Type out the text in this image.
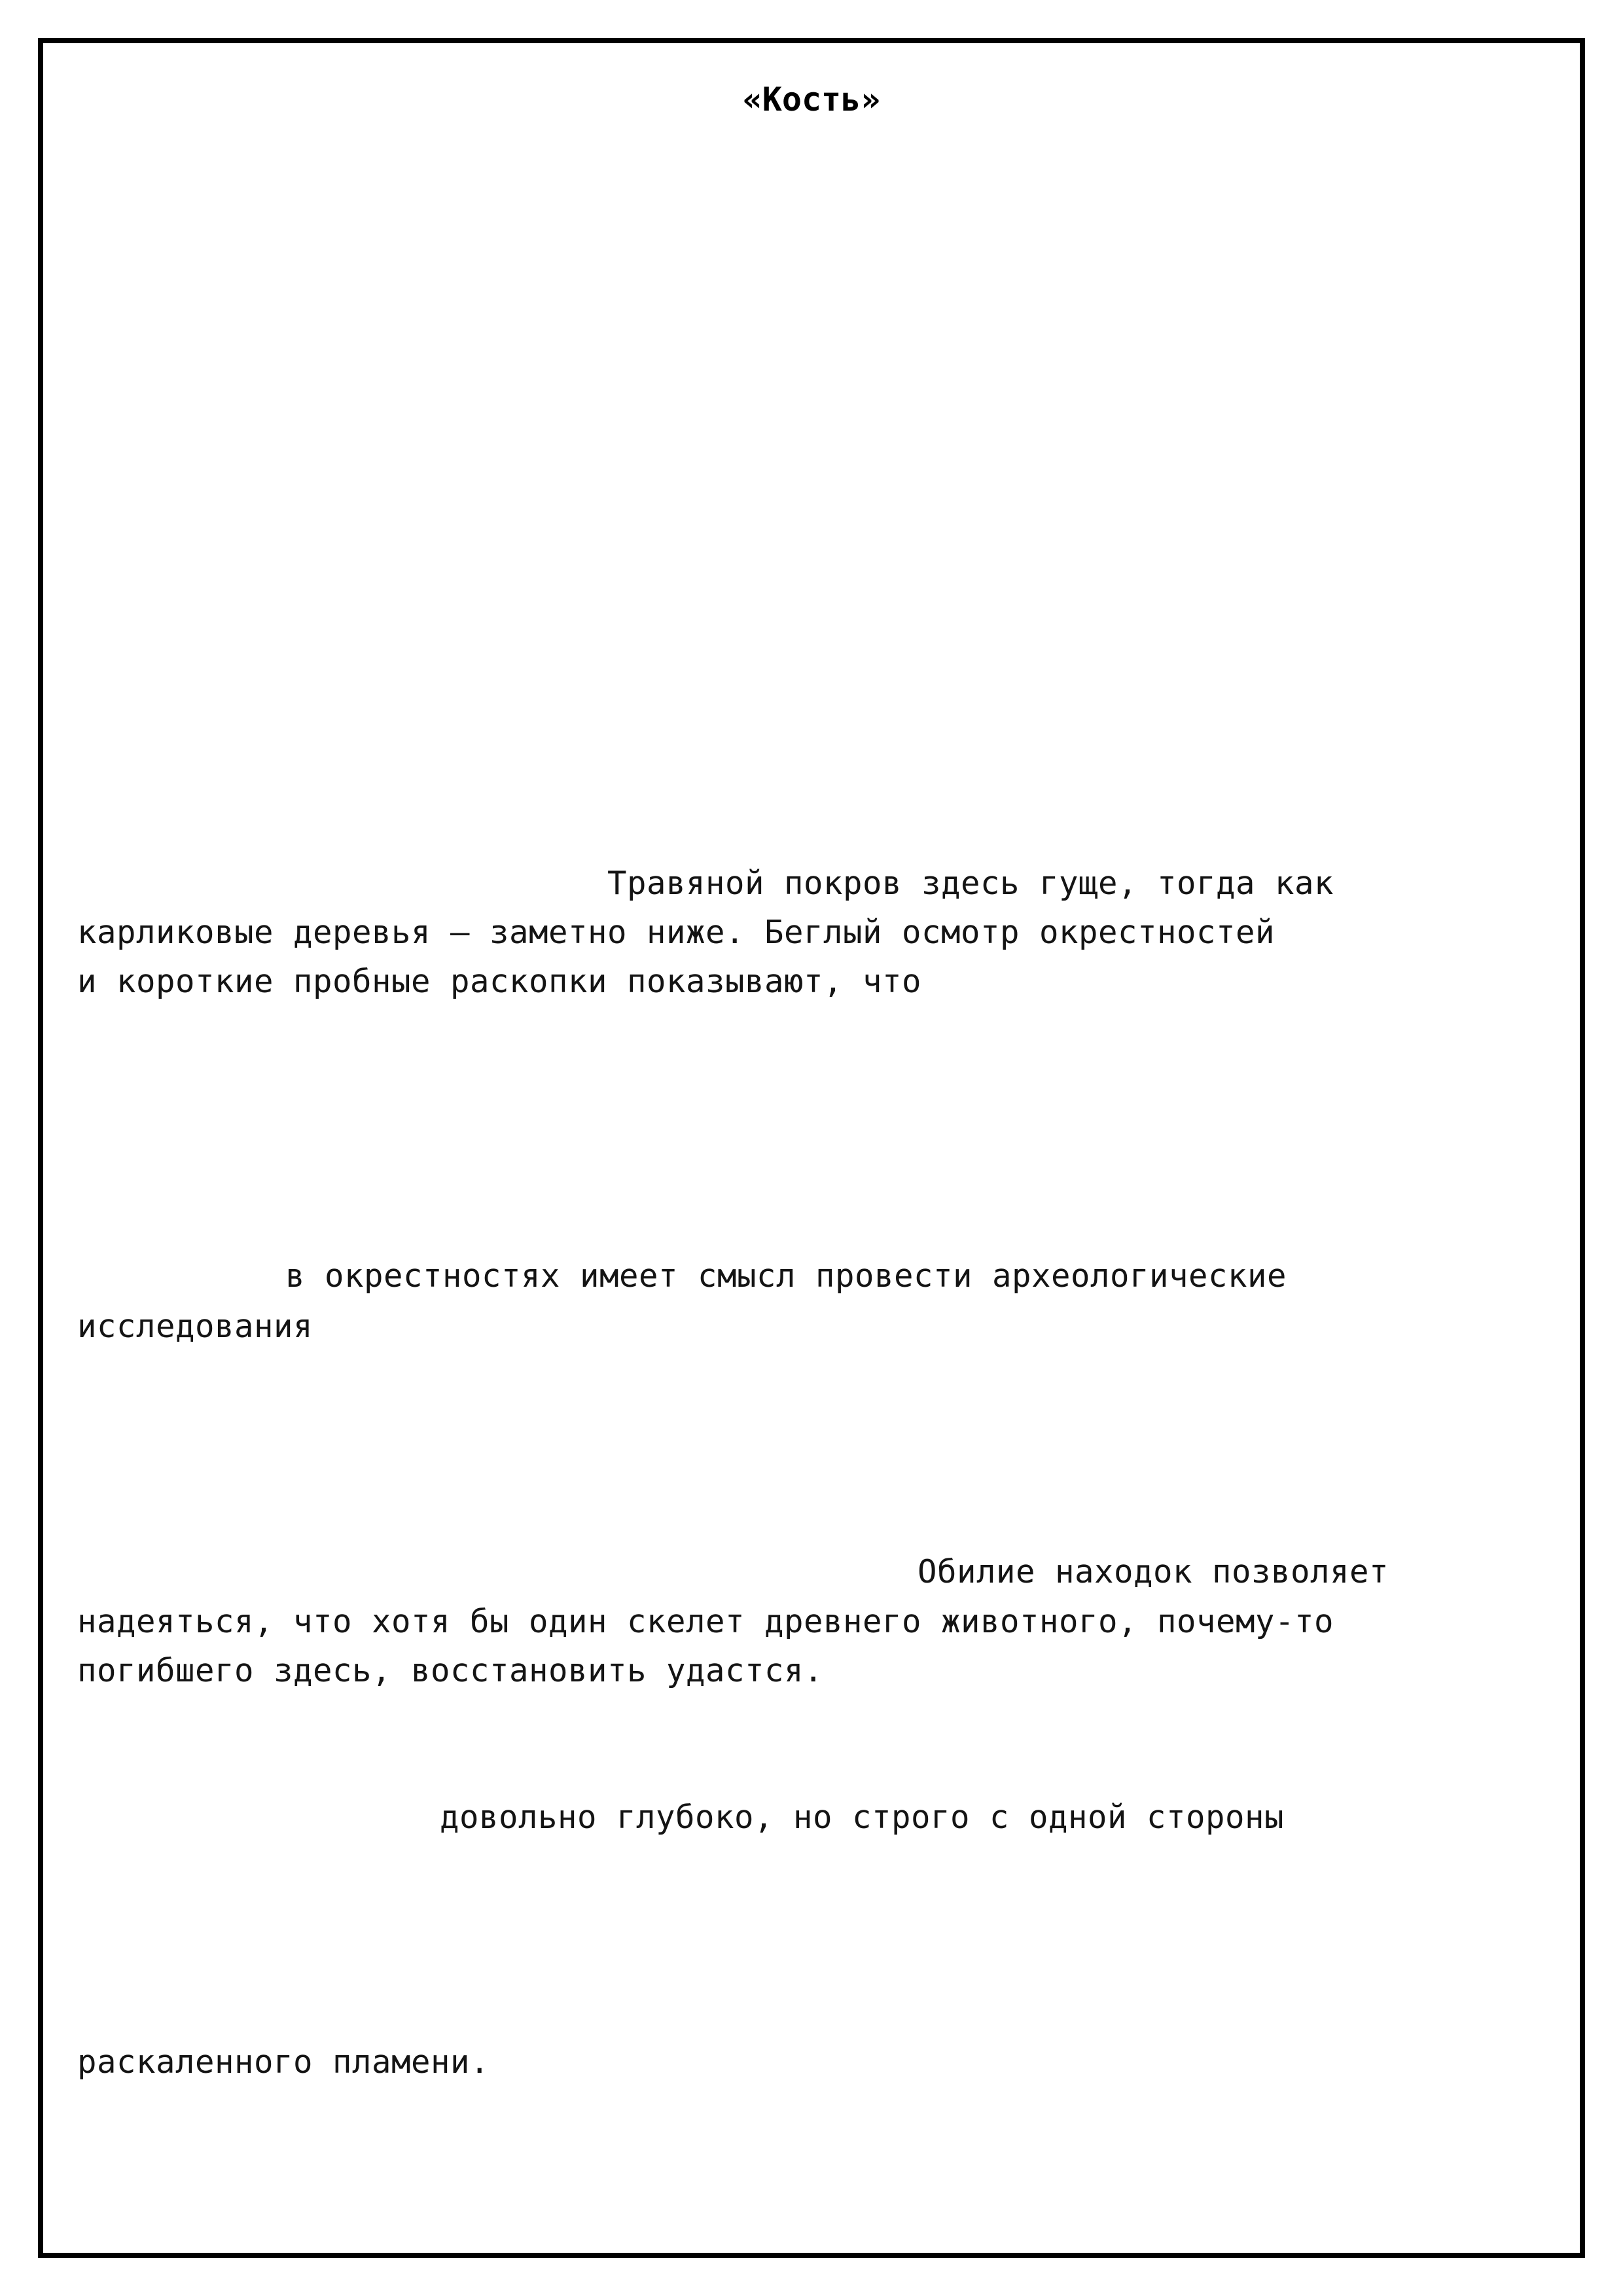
«Кость»

Травяной покров здесь гуще, тогда как

карликовые деревья – заметно ниже. Беглый осмотр окрестностей

и короткие пробные раскопки показывают, что

в окрестностях имеет смысл провести археологические

исследования

Обилие находок позволяет

надеяться, что хотя бы один скелет древнего животного, почему-то

погибшего здесь, восстановить удастся.

довольно глубоко, но строго с одной стороны

раскаленного пламени.
